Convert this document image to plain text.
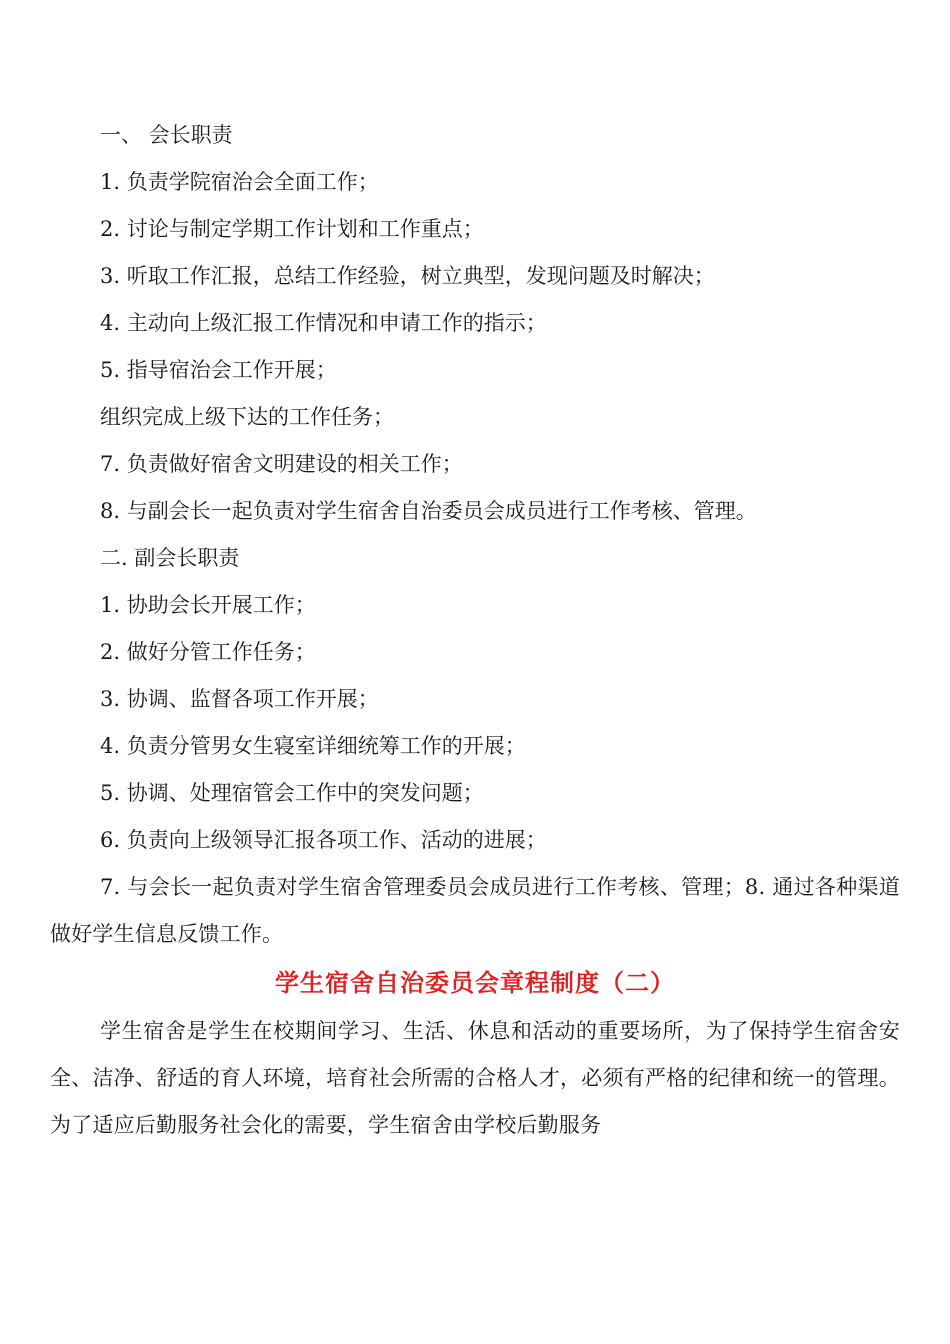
一、 会长职责

1. 负责学院宿治会全面工作；

2. 讨论与制定学期工作计划和工作重点；

3. 听取工作汇报，总结工作经验，树立典型，发现问题及时解决；

4. 主动向上级汇报工作情况和申请工作的指示；

5. 指导宿治会工作开展；

组织完成上级下达的工作任务；

7. 负责做好宿舍文明建设的相关工作；

8. 与副会长一起负责对学生宿舍自治委员会成员进行工作考核、管理。

二. 副会长职责

1. 协助会长开展工作；

2. 做好分管工作任务；

3. 协调、监督各项工作开展；

4. 负责分管男女生寝室详细统筹工作的开展；

5. 协调、处理宿管会工作中的突发问题；

6. 负责向上级领导汇报各项工作、活动的进展；

7. 与会长一起负责对学生宿舍管理委员会成员进行工作考核、管理；8. 通过各种渠道做好学生信息反馈工作。

学生宿舍自治委员会章程制度（二）

学生宿舍是学生在校期间学习、生活、休息和活动的重要场所，为了保持学生宿舍安全、洁净、舒适的育人环境，培育社会所需的合格人才，必须有严格的纪律和统一的管理。为了适应后勤服务社会化的需要，学生宿舍由学校后勤服务
